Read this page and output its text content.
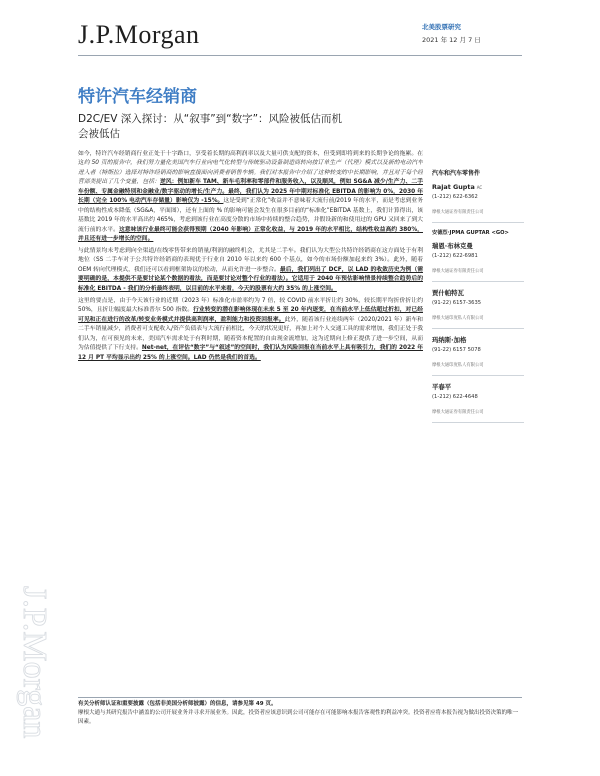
J.P.Morgan	北美股票研究
2021 年 12 月 7 日
特许汽车经销商
D2C/EV 深入探讨：从“叙事”到“数字”：风险被低估而机会被低估

如今，特许汽车经销商行业正处于十字路口，享受着长期的高利润率以及大量可供支配的资本，但受到即将到来的长期争论的拖累。在这约 50 页的报告中，我们努力量化美国汽车行业向电气化转型与传统驱动设备制造商转向按订单生产（代理）模式以及新的电动汽车进入者（特斯拉）选择对特许经销商的影响直接面向消费者销售车辆。我们对本报告中介绍了这种转变的中长期影响，并且对于每个经营部类提出了几个变量，包括：逆风：例如新车 TAM、新车毛利率和零部件和服务收入，以及顺风，例如 SG&A 减少/生产力、二手车份额、专属金融特别和金融业/数字驱动的增长/生产力。最终，我们认为 2025 年中期对标准化 EBITDA 的影响为 0%，2030 年长期（完全 100% 电动汽车存储量）影响仅为 -15%。这是受到“正常化”收益并不意味着大流行前/2019 年的水平，而是考虑到业务中的结构性成本降低（SG&A，平面图），还有上面的 % 的影响可能会发生在很多目前的“标准化”EBITDA 基数上，我们计算得出，该基数比 2019 年的水平高出约 465%，考虑到该行业在高度分散的市场中持续的整合趋势，并假设新的和使用过的 GPU 又回来了到大流行前的水平。这意味该行业最终可能会获得预期（2040 年影响）正常化收益，与 2019 年的水平相比，结构性收益高约 380%，并且还有进一步增长的空间。

与此情景均未考虑到向全渠道/在线零售带来的销量/利润的融终机会，尤其是二手车。我们认为大型公共特许经销商在这方面处于有利地位（SS 二手车对于公共特许经销商的表现优于行业自 2010 年以来约 600 个基点，如今的市场份额加起来约 3%）。此外，随着 OEM 转向代理模式，我们还可以看到框架协议的松动，从而允许进一步整合。最后，我们列出了 DCF，以 LAD 的收敛历史为例（需要明确的是，本提供不是要讨论某个数据的看法，而是要讨论对整个行业的看法）。它适用于 2040 年预估影响情景持续整合趋势后的标准化 EBITDA - 我们的分析最终表明，以目前的水平来看，今天的股票有大约 35% 的上涨空间。

这里的要点是，由于今天该行业的近期（2023 年）标准化市盈率约为 7 倍，较 COVID 前水平折让约 30%，较长期平均折价折让约 50%，且折让幅度最大标准普尔 500 指数。行业转变的潜在影响体现在未来 5 至 20 年内逐变，在当前水平上低估超过折扣，对已经可见和正在进行的改革/转变业务模式并提供高利润率，盈利能力和投资回报率。此外，随着该行业连续两年（2020/2021 年）新车和二手车销量减少，消费者可支配收入/资产负债表与大流行前相比，今天的状况更好，再加上对个人交通工具的需求增加，我们正处于我们认为，在可预见的未来，美国汽车需求处于有利时期，随着资本配置的自由现金流增加，这为近期向上修正提供了进一步空间，从而为估值提供了下行支持。Net-net，在评估“数字”与“叙述”的空间时，我们认为风险回报在当前水平上具有吸引力，我们的 2022 年 12 月 PT 平均显示出约 25% 的上涨空间。LAD 仍然是我们的首选。

汽车和汽车零售件
Rajat Gupta AC
(1-212) 622-6362
摩根大通证券有限责任公司
安德烈·JPMA GUPTAR <GO>
瑞恩·布林克曼
(1-212) 622-6981
摩根大通证券有限责任公司
贾什帕特瓦
(91-22) 6157-3635
摩根大通印度私人有限公司
玛纳斯·加格
(91-22) 6157 5078
摩根大通印度私人有限公司
平春平
(1-212) 622-4648
摩根大通证券有限责任公司
有关分析师认证和重要披露（包括非美国分析师披露）的信息，请参见第 49 页。
摩根大通与其研究报告中涵盖的公司开展业务并寻求开展业务。因此，投资者应该意识到公司可能存在可能影响本报告客观性的利益冲突。投资者应将本报告视为做出投资决策的唯一因素。
J.P.Morgan
